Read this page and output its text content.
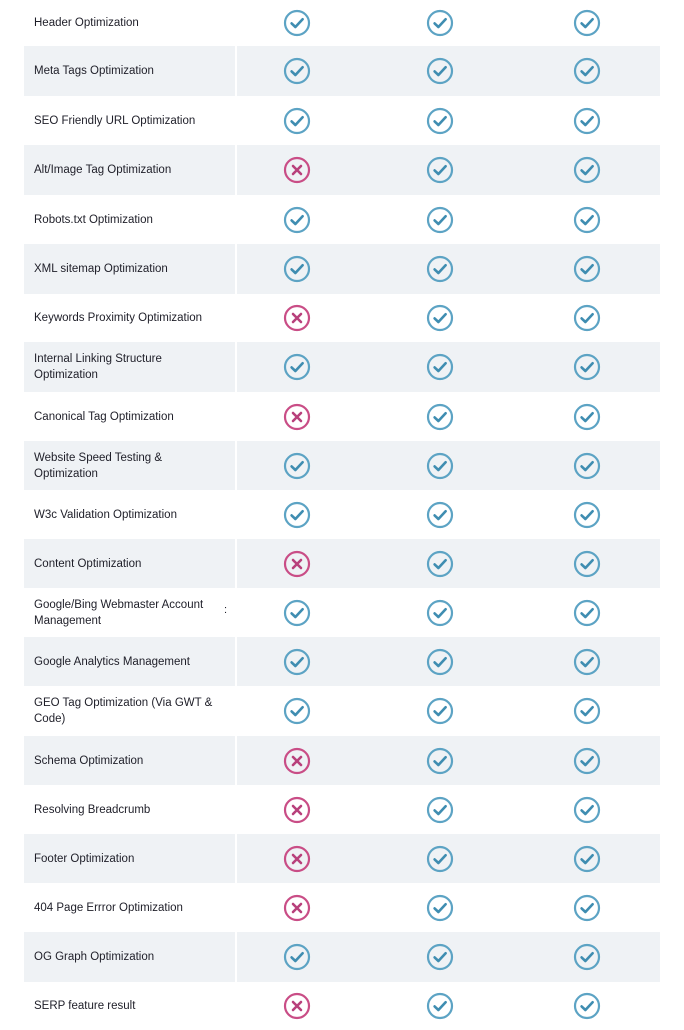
Header Optimization
Meta Tags Optimization
SEO Friendly URL Optimization
Alt/Image Tag Optimization
Robots.txt Optimization
XML sitemap Optimization
Keywords Proximity Optimization
Internal Linking Structure Optimization
Canonical Tag Optimization
Website Speed Testing & Optimization
W3c Validation Optimization
Content Optimization
Google/Bing Webmaster Account Management
:
Google Analytics Management
GEO Tag Optimization (Via GWT & Code)
Schema Optimization
Resolving Breadcrumb
Footer Optimization
404 Page Errror Optimization
OG Graph Optimization
SERP feature result
